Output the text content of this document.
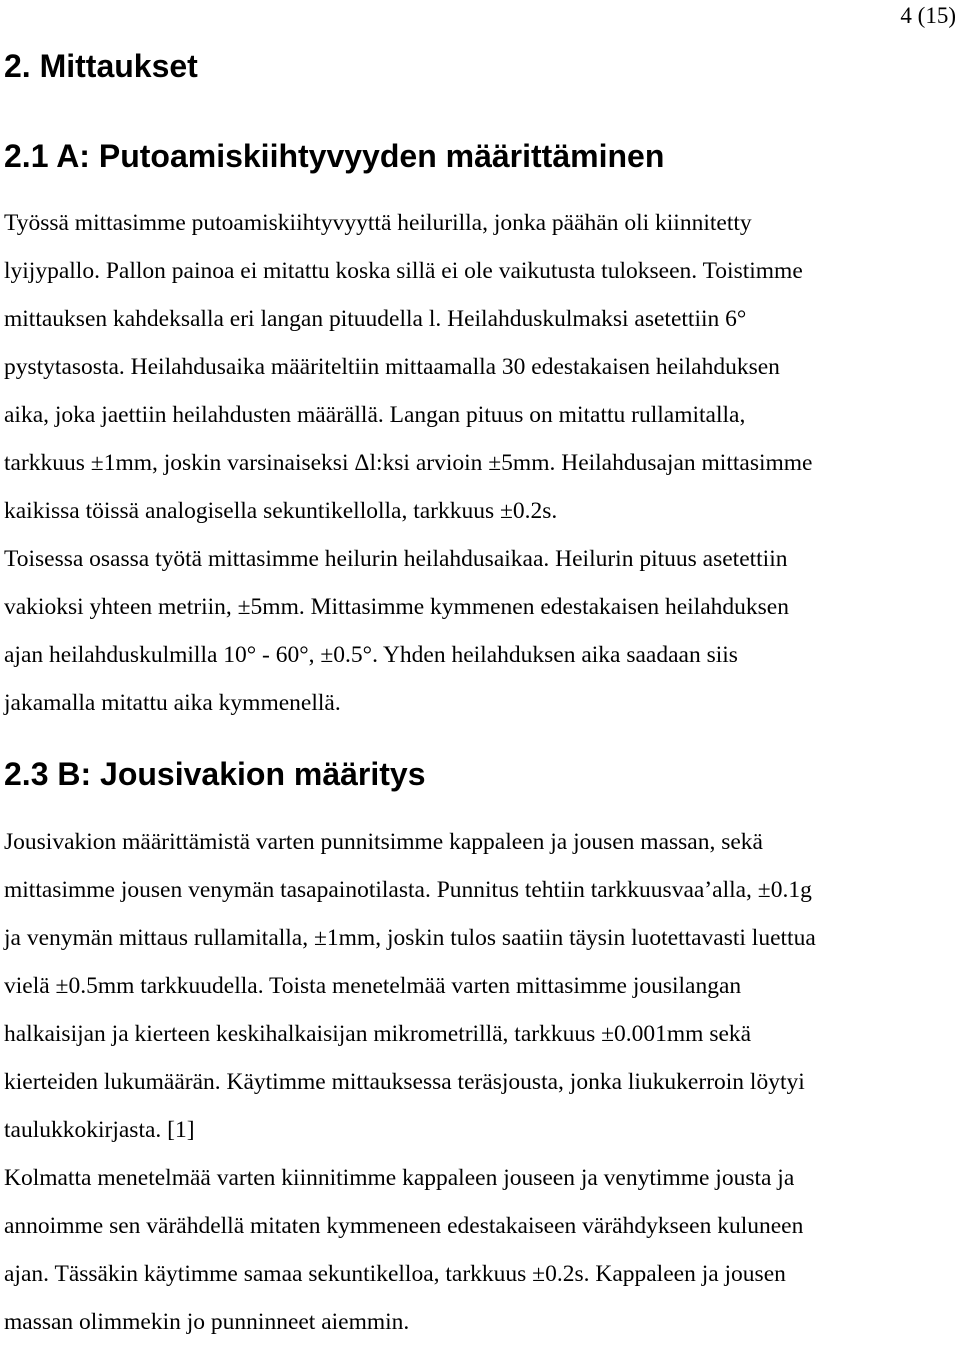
4 (15)
2. Mittaukset
2.1 A: Putoamiskiihtyvyyden määrittäminen
Työssä mittasimme putoamiskiihtyvyyttä heilurilla, jonka päähän oli kiinnitetty
lyijypallo. Pallon painoa ei mitattu koska sillä ei ole vaikutusta tulokseen. Toistimme
mittauksen kahdeksalla eri langan pituudella l. Heilahduskulmaksi asetettiin 6°
pystytasosta. Heilahdusaika määriteltiin mittaamalla 30 edestakaisen heilahduksen
aika, joka jaettiin heilahdusten määrällä. Langan pituus on mitattu rullamitalla,
tarkkuus ±1mm, joskin varsinaiseksi Δl:ksi arvioin ±5mm. Heilahdusajan mittasimme
kaikissa töissä analogisella sekuntikellolla, tarkkuus ±0.2s.
Toisessa osassa työtä mittasimme heilurin heilahdusaikaa. Heilurin pituus asetettiin
vakioksi yhteen metriin, ±5mm. Mittasimme kymmenen edestakaisen heilahduksen
ajan heilahduskulmilla 10° - 60°, ±0.5°. Yhden heilahduksen aika saadaan siis
jakamalla mitattu aika kymmenellä.
2.3 B: Jousivakion määritys
Jousivakion määrittämistä varten punnitsimme kappaleen ja jousen massan, sekä
mittasimme jousen venymän tasapainotilasta. Punnitus tehtiin tarkkuusvaa’alla, ±0.1g
ja venymän mittaus rullamitalla, ±1mm, joskin tulos saatiin täysin luotettavasti luettua
vielä ±0.5mm tarkkuudella. Toista menetelmää varten mittasimme jousilangan
halkaisijan ja kierteen keskihalkaisijan mikrometrillä, tarkkuus ±0.001mm sekä
kierteiden lukumäärän. Käytimme mittauksessa teräsjousta, jonka liukukerroin löytyi
taulukkokirjasta. [1]
Kolmatta menetelmää varten kiinnitimme kappaleen jouseen ja venytimme jousta ja
annoimme sen värähdellä mitaten kymmeneen edestakaiseen värähdykseen kuluneen
ajan. Tässäkin käytimme samaa sekuntikelloa, tarkkuus ±0.2s. Kappaleen ja jousen
massan olimmekin jo punninneet aiemmin.
